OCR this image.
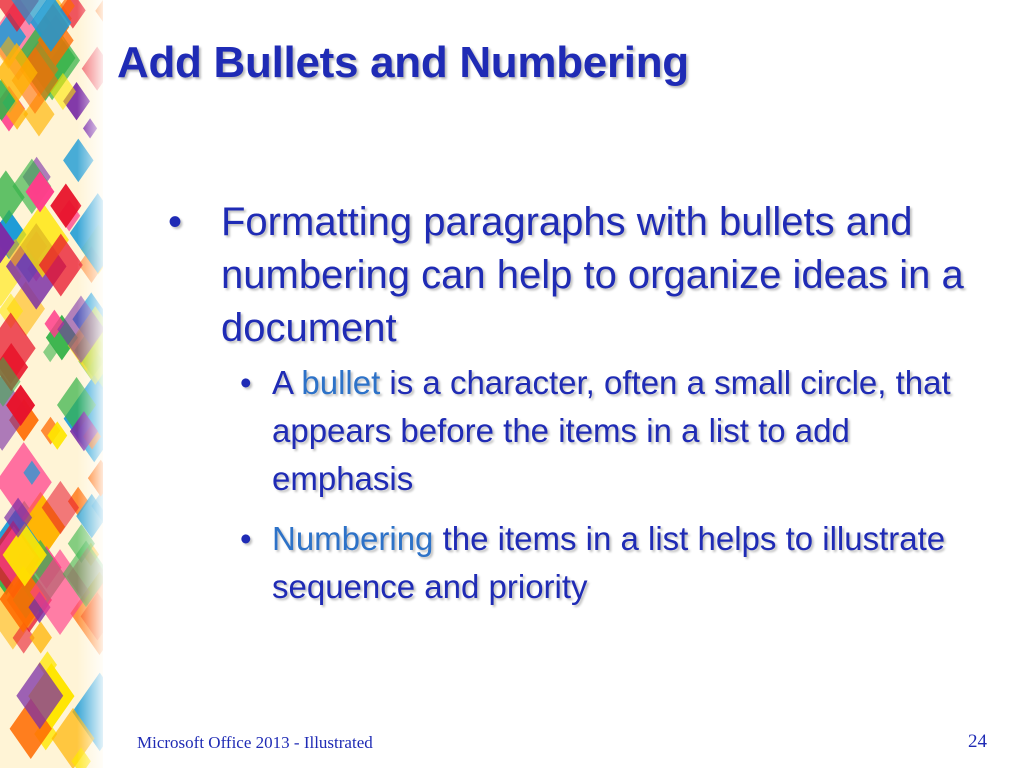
Add Bullets and Numbering
• Formatting paragraphs with bullets and numbering can help to organize ideas in a document
• A bullet is a character, often a small circle, that appears before the items in a list to add emphasis
• Numbering the items in a list helps to illustrate sequence and priority
Microsoft Office 2013 - Illustrated	24
